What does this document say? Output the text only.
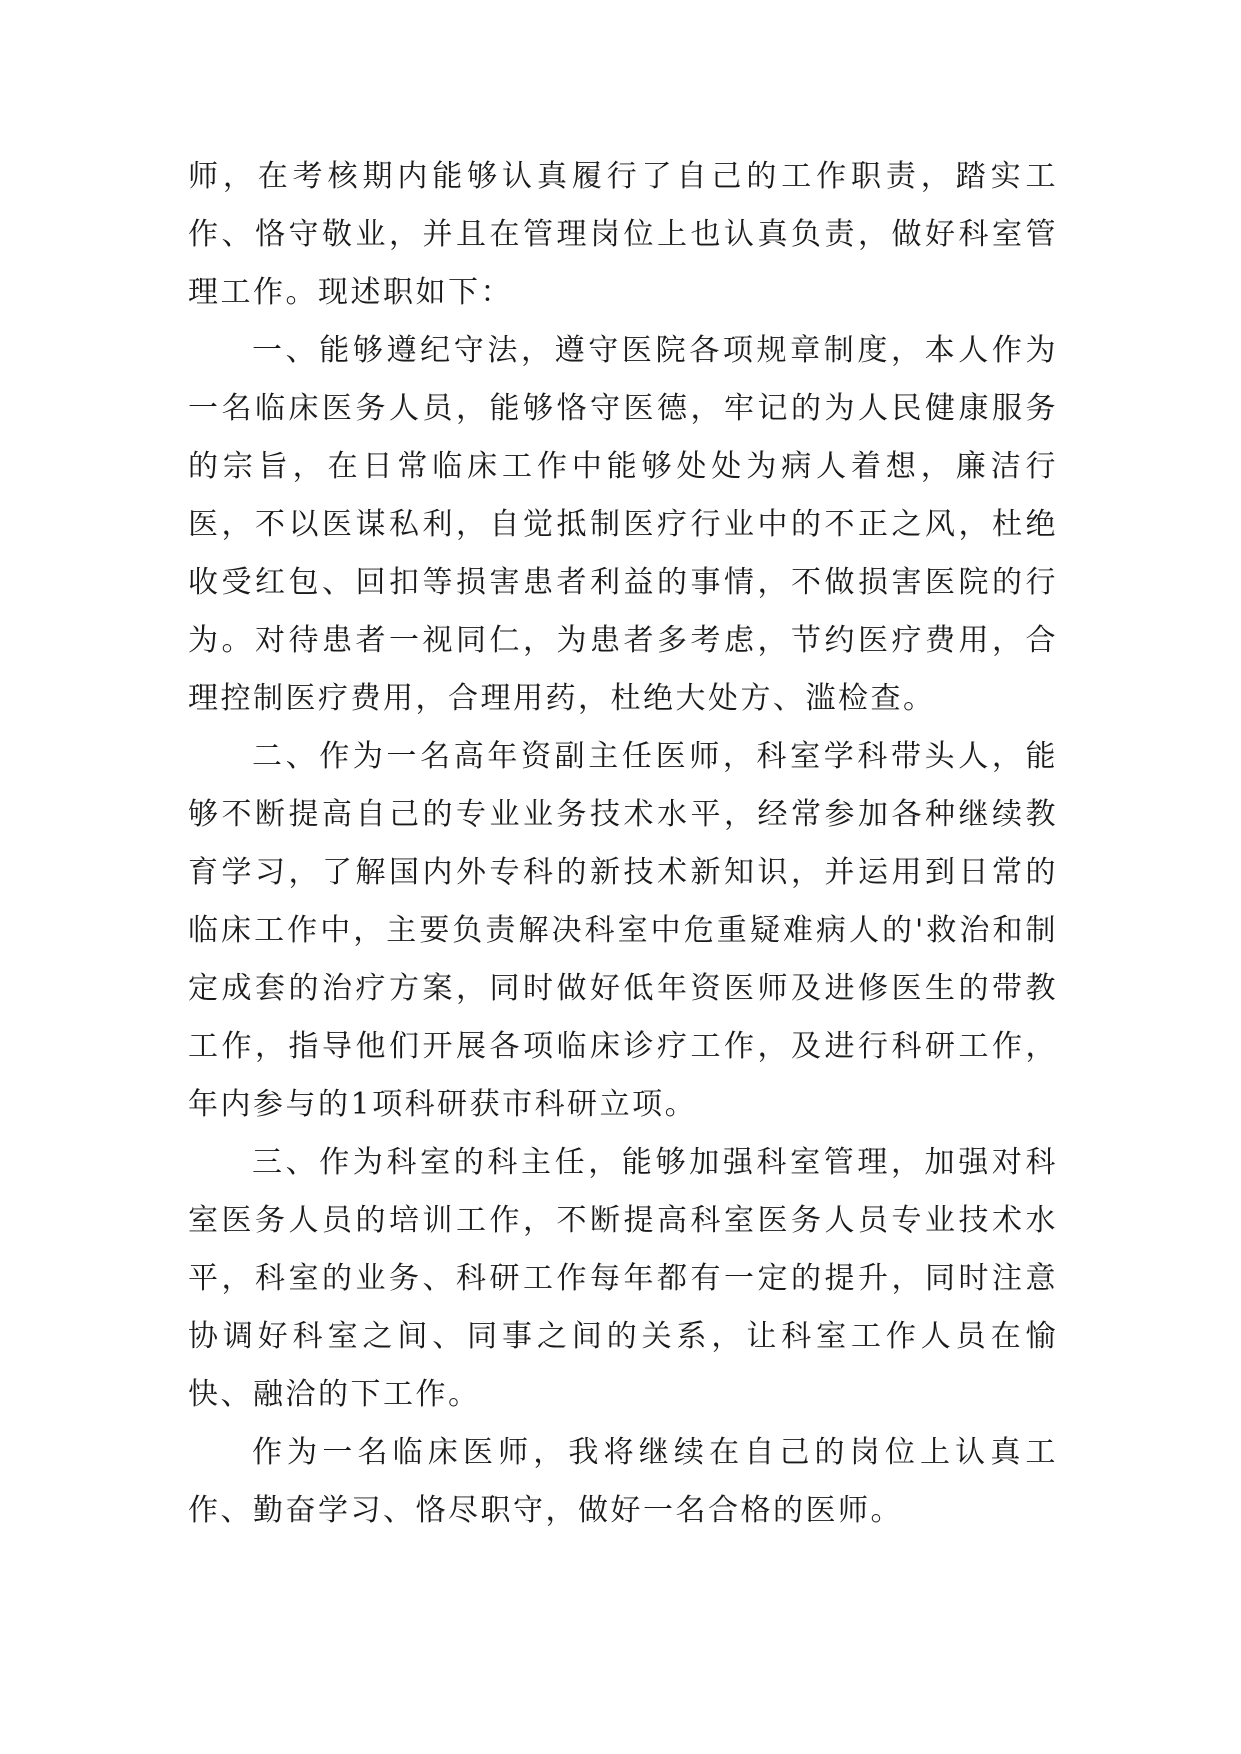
师，在考核期内能够认真履行了自己的工作职责，踏实工作、恪守敬业，并且在管理岗位上也认真负责，做好科室管理工作。现述职如下：

一、能够遵纪守法，遵守医院各项规章制度，本人作为一名临床医务人员，能够恪守医德，牢记的为人民健康服务的宗旨，在日常临床工作中能够处处为病人着想，廉洁行医，不以医谋私利，自觉抵制医疗行业中的不正之风，杜绝收受红包、回扣等损害患者利益的事情，不做损害医院的行为。对待患者一视同仁，为患者多考虑，节约医疗费用，合理控制医疗费用，合理用药，杜绝大处方、滥检查。

二、作为一名高年资副主任医师，科室学科带头人，能够不断提高自己的专业业务技术水平，经常参加各种继续教育学习，了解国内外专科的新技术新知识，并运用到日常的临床工作中，主要负责解决科室中危重疑难病人的'救治和制定成套的治疗方案，同时做好低年资医师及进修医生的带教工作，指导他们开展各项临床诊疗工作，及进行科研工作，年内参与的1项科研获市科研立项。

三、作为科室的科主任，能够加强科室管理，加强对科室医务人员的培训工作，不断提高科室医务人员专业技术水平，科室的业务、科研工作每年都有一定的提升，同时注意协调好科室之间、同事之间的关系，让科室工作人员在愉快、融洽的下工作。

作为一名临床医师，我将继续在自己的岗位上认真工作、勤奋学习、恪尽职守，做好一名合格的医师。
